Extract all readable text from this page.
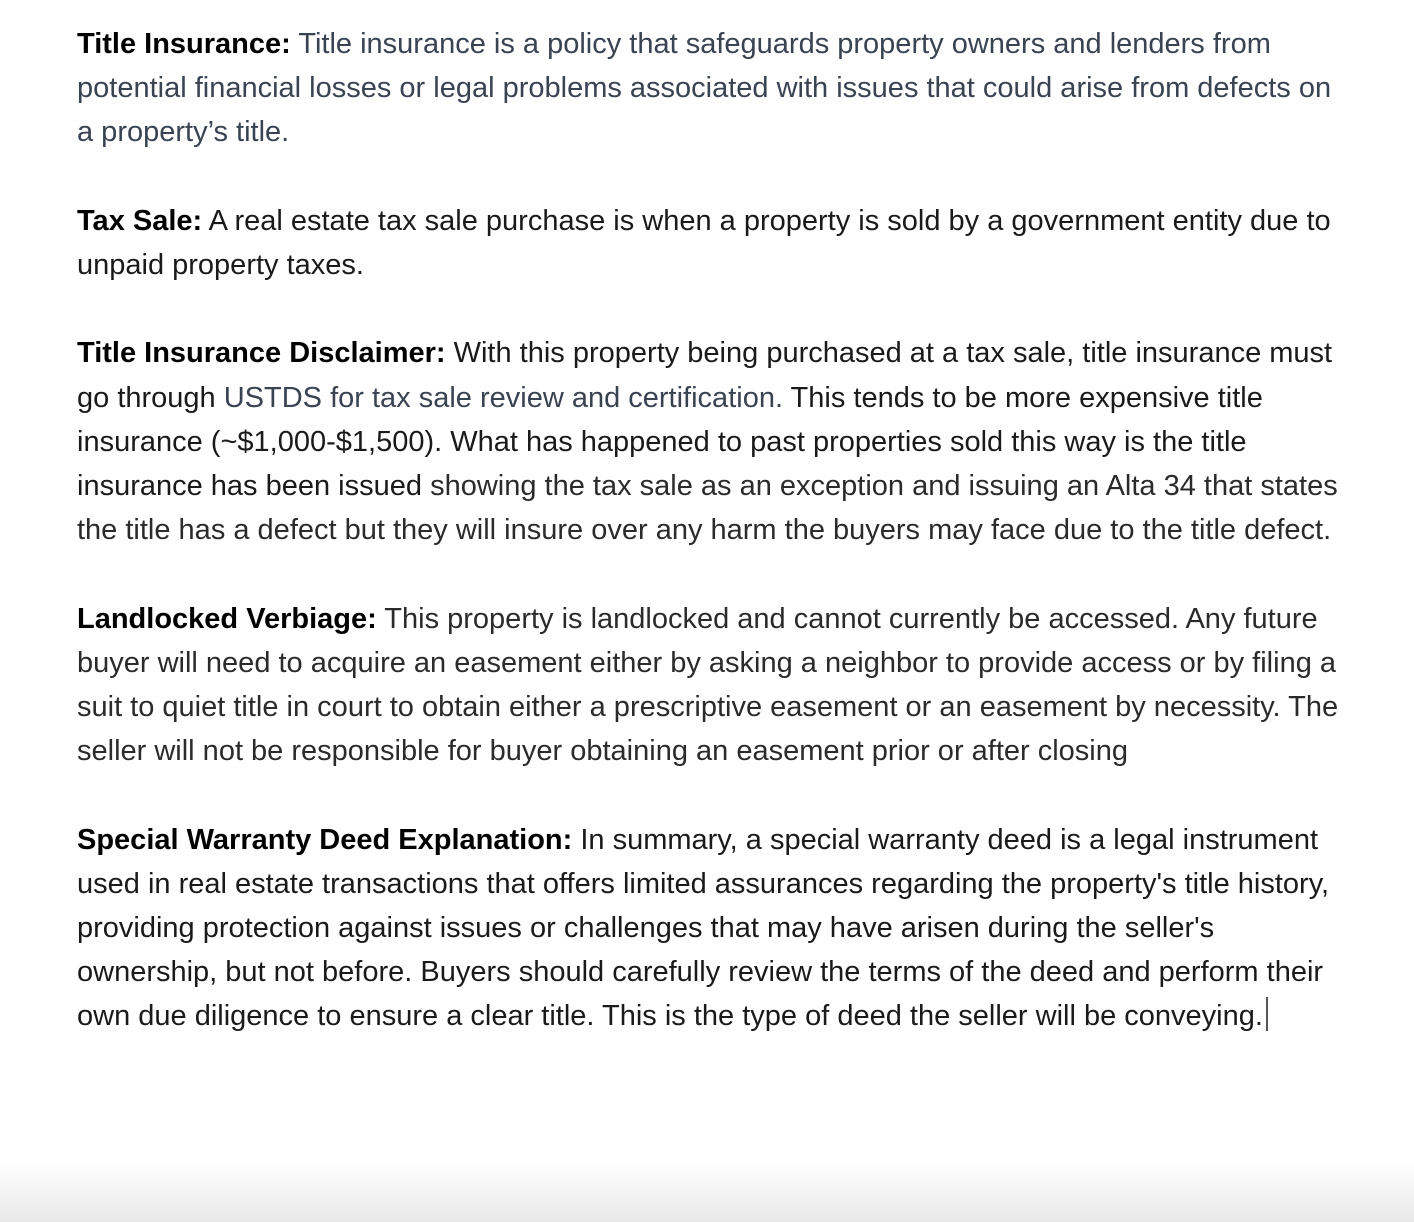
Title Insurance: Title insurance is a policy that safeguards property owners and lenders from potential financial losses or legal problems associated with issues that could arise from defects on a property’s title.

Tax Sale: A real estate tax sale purchase is when a property is sold by a government entity due to unpaid property taxes.

Title Insurance Disclaimer: With this property being purchased at a tax sale, title insurance must go through USTDS for tax sale review and certification. This tends to be more expensive title insurance (~$1,000-$1,500). What has happened to past properties sold this way is the title insurance has been issued showing the tax sale as an exception and issuing an Alta 34 that states the title has a defect but they will insure over any harm the buyers may face due to the title defect.

Landlocked Verbiage: This property is landlocked and cannot currently be accessed. Any future buyer will need to acquire an easement either by asking a neighbor to provide access or by filing a suit to quiet title in court to obtain either a prescriptive easement or an easement by necessity. The seller will not be responsible for buyer obtaining an easement prior or after closing

Special Warranty Deed Explanation: In summary, a special warranty deed is a legal instrument used in real estate transactions that offers limited assurances regarding the property's title history, providing protection against issues or challenges that may have arisen during the seller's ownership, but not before. Buyers should carefully review the terms of the deed and perform their own due diligence to ensure a clear title. This is the type of deed the seller will be conveying.
